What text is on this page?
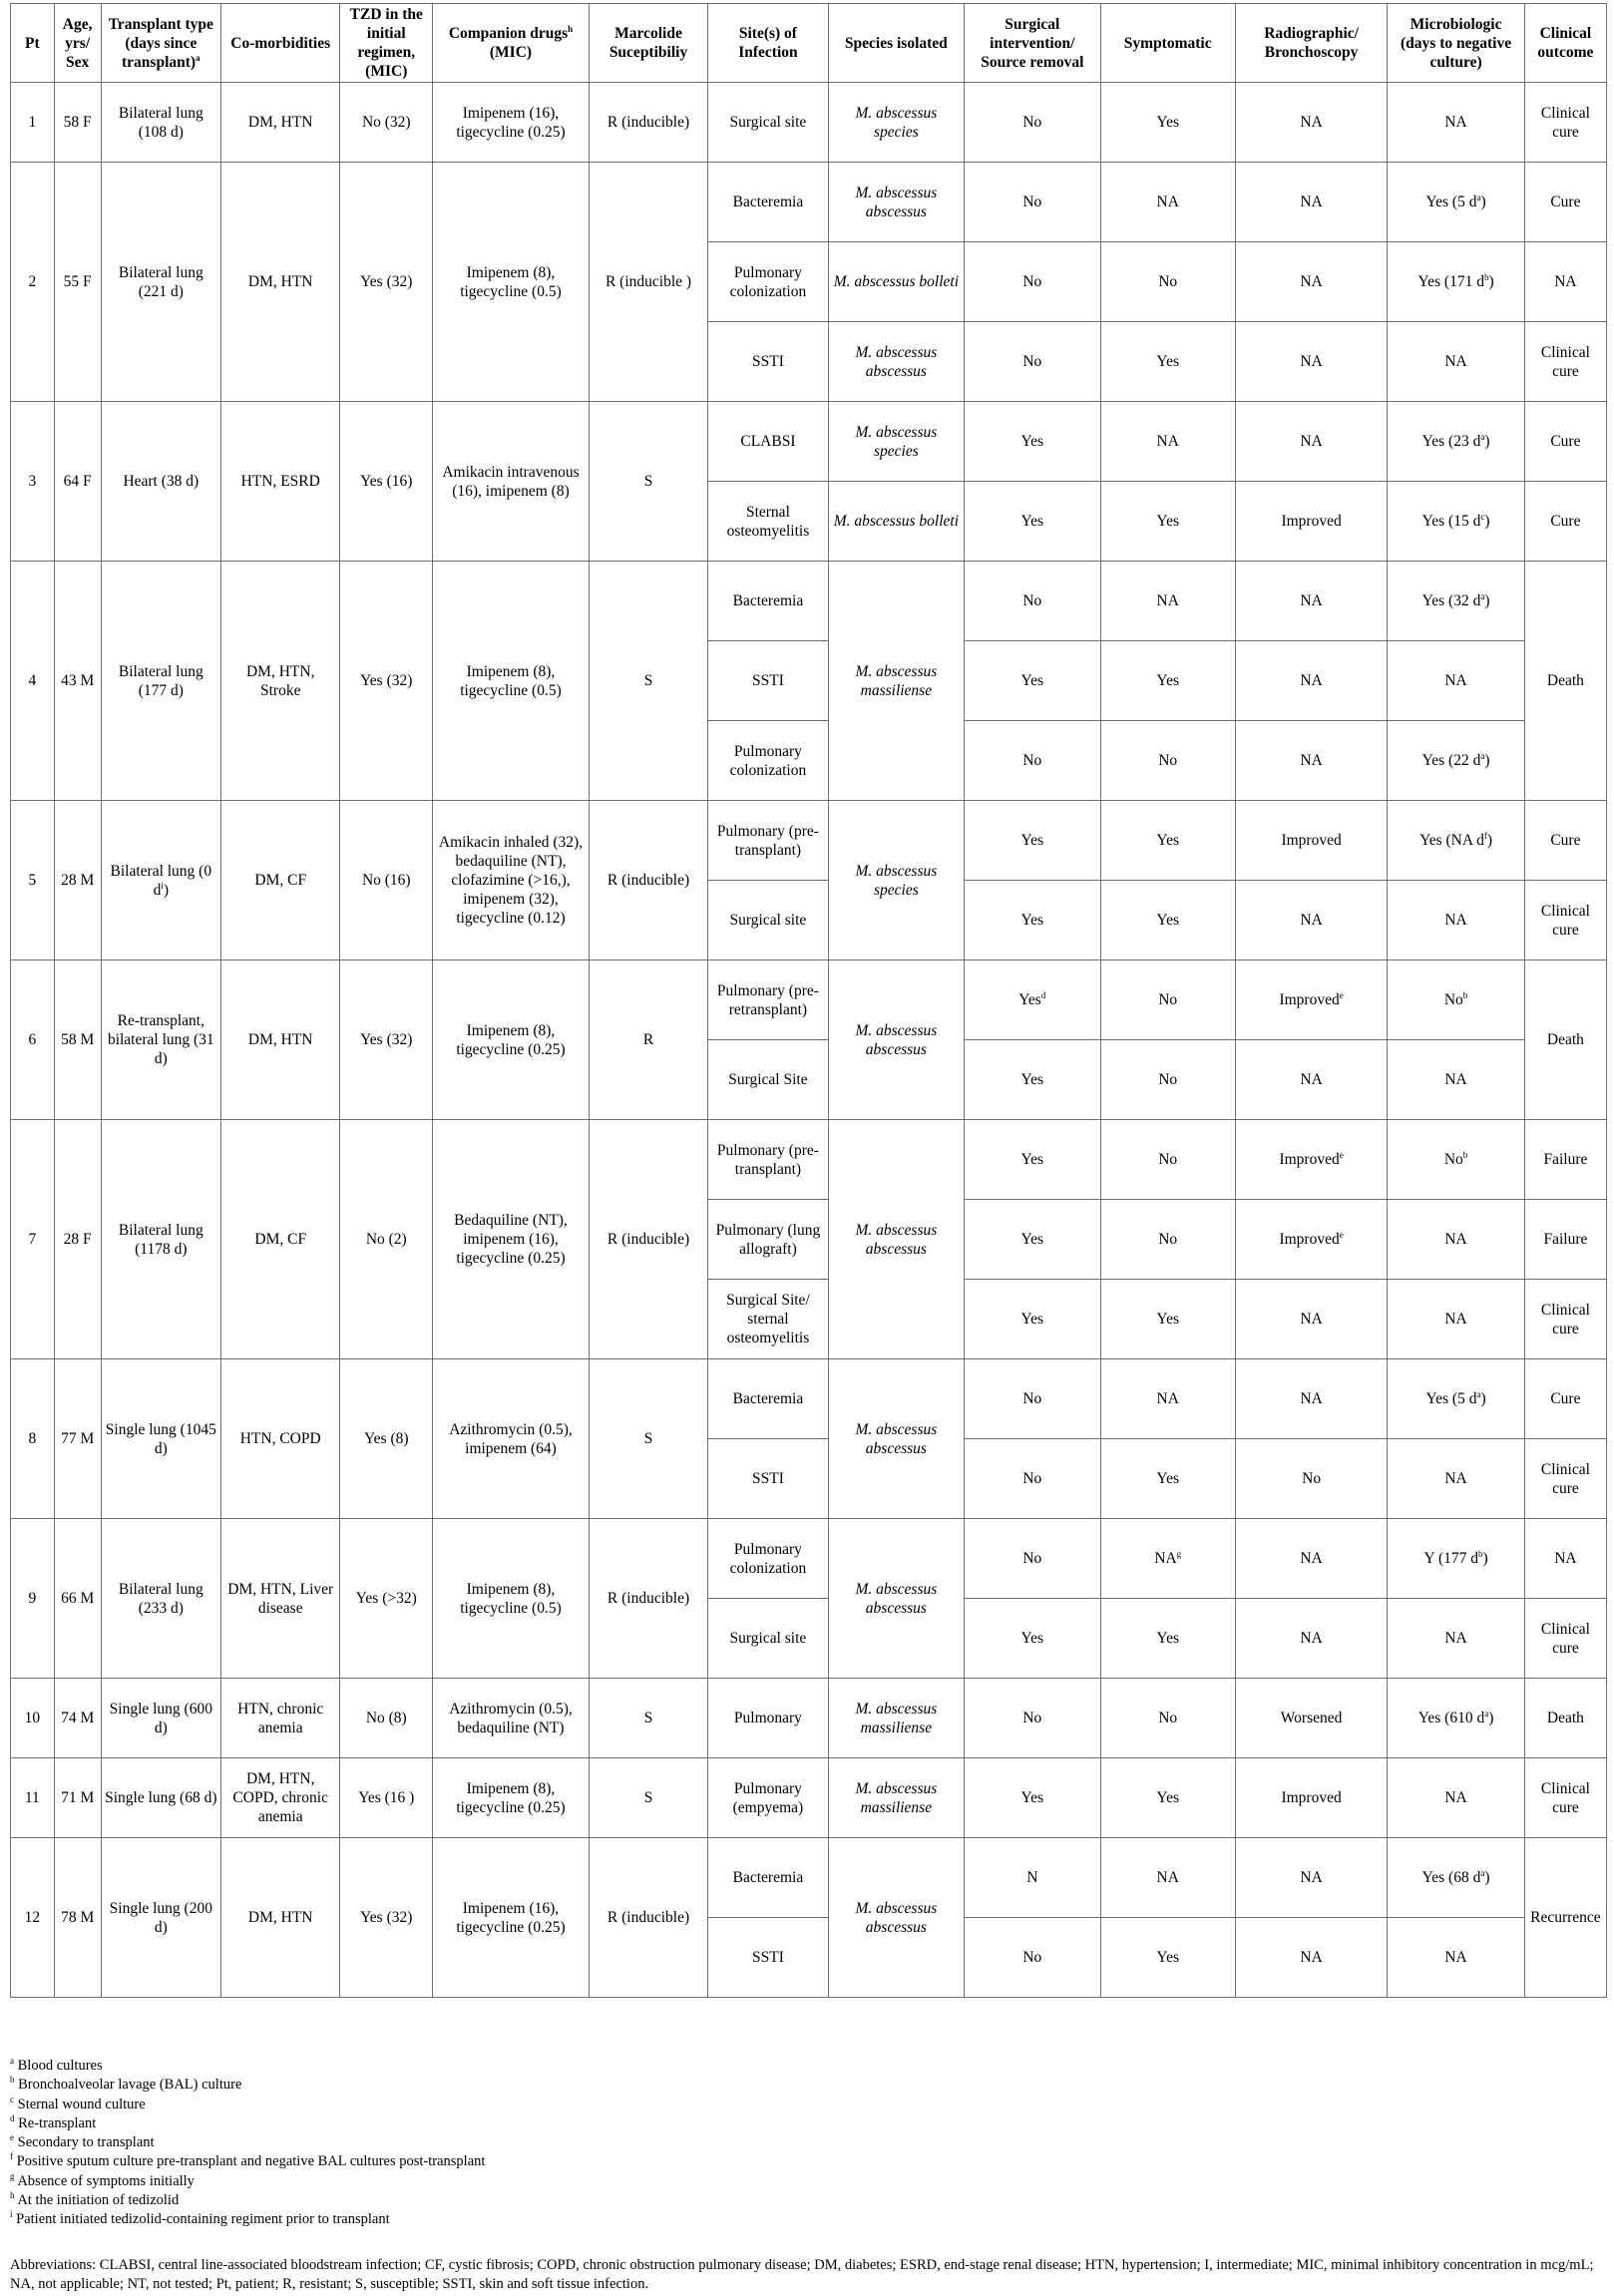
Pt	Age, yrs/ Sex	Transplant type (days since transplant)$^a$	Co-morbidities	TZD in the initial regimen, (MIC)	Companion drugs$^h$ (MIC)	Marcolide Suceptibiliy	Site(s) of Infection	Species isolated	Surgical intervention/ Source removal	Symptomatic	Radiographic/ Bronchoscopy	Microbiologic (days to negative culture)	Clinical outcome
1	58 F	Bilateral lung (108 d)	DM, HTN	No (32)	Imipenem (16), tigecycline (0.25)	R (inducible)	Surgical site	M. abscessus species	No	Yes	NA	NA	Clinical cure
2	55 F	Bilateral lung (221 d)	DM, HTN	Yes (32)	Imipenem (8), tigecycline (0.5)	R (inducible )	Bacteremia	M. abscessus abscessus	No	NA	NA	Yes (5 $d^a$)	Cure
							Pulmonary colonization	M. abscessus bolleti	No	No	NA	Yes (171 $d^b$)	NA
							SSTI	M. abscessus abscessus	No	Yes	NA	NA	Clinical cure
3	64 F	Heart (38 d)	HTN, ESRD	Yes (16)	Amikacin intravenous (16), imipenem (8)	S	CLABSI	M. abscessus species	Yes	NA	NA	Yes (23 $d^a$)	Cure
							Sternal osteomyelitis	M. abscessus bolleti	Yes	Yes	Improved	Yes (15 $d^c$)	Cure
4	43 M	Bilateral lung (177 d)	DM, HTN, Stroke	Yes (32)	Imipenem (8), tigecycline (0.5)	S	Bacteremia	M. abscessus massiliense	No	NA	NA	Yes (32 $d^a$)	Death
							SSTI		Yes	Yes	NA	NA	
							Pulmonary colonization		No	No	NA	Yes (22 $d^a$)	
5	28 M	Bilateral lung (0 $d^i$)	DM, CF	No (16)	Amikacin inhaled (32), bedaquiline (NT), clofazimine (>16,), imipenem (32), tigecycline (0.12)	R (inducible)	Pulmonary (pre-transplant)	M. abscessus species	Yes	Yes	Improved	Yes (NA $d^f$)	Cure
							Surgical site		Yes	Yes	NA	NA	Clinical cure
6	58 M	Re-transplant, bilateral lung (31 d)	DM, HTN	Yes (32)	Imipenem (8), tigecycline (0.25)	R	Pulmonary (pre-retransplant)	M. abscessus abscessus	Yes$^d$	No	Improved$^e$	No$^b$	Death
							Surgical Site		Yes	No	NA	NA	
7	28 F	Bilateral lung (1178 d)	DM, CF	No (2)	Bedaquiline (NT), imipenem (16), tigecycline (0.25)	R (inducible)	Pulmonary (pre-transplant)	M. abscessus abscessus	Yes	No	Improved$^e$	No$^b$	Failure
							Pulmonary (lung allograft)		Yes	No	Improved$^e$	NA	Failure
							Surgical Site/ sternal osteomyelitis		Yes	Yes	NA	NA	Clinical cure
8	77 M	Single lung (1045 d)	HTN, COPD	Yes (8)	Azithromycin (0.5), imipenem (64)	S	Bacteremia	M. abscessus abscessus	No	NA	NA	Yes (5 $d^a$)	Cure
							SSTI		No	Yes	No	NA	Clinical cure
9	66 M	Bilateral lung (233 d)	DM, HTN, Liver disease	Yes (>32)	Imipenem (8), tigecycline (0.5)	R (inducible)	Pulmonary colonization	M. abscessus abscessus	No	$NA^g$	NA	Y (177 $d^b$)	NA
							Surgical site		Yes	Yes	NA	NA	Clinical cure
10	74 M	Single lung (600 d)	HTN, chronic anemia	No (8)	Azithromycin (0.5), bedaquiline (NT)	S	Pulmonary	M. abscessus massiliense	No	No	Worsened	Yes (610 $d^a$)	Death
11	71 M	Single lung (68 d)	DM, HTN, COPD, chronic anemia	Yes (16 )	Imipenem (8), tigecycline (0.25)	S	Pulmonary (empyema)	M. abscessus massiliense	Yes	Yes	Improved	NA	Clinical cure
12	78 M	Single lung (200 d)	DM, HTN	Yes (32)	Imipenem (16), tigecycline (0.25)	R (inducible)	Bacteremia	M. abscessus abscessus	N	NA	NA	Yes (68 $d^a$)	Recurrence
							SSTI		No	Yes	NA	NA	
$^a$ Blood cultures
$^b$ Bronchoalveolar lavage (BAL) culture
$^c$ Sternal wound culture
$^d$ Re-transplant
$^e$ Secondary to transplant
$^f$ Positive sputum culture pre-transplant and negative BAL cultures post-transplant
$^g$ Absence of symptoms initially
$^h$ At the initiation of tedizolid
$^i$ Patient initiated tedizolid-containing regiment prior to transplant
Abbreviations: CLABSI, central line-associated bloodstream infection; CF, cystic fibrosis; COPD, chronic obstruction pulmonary disease; DM, diabetes; ESRD, end-stage renal disease; HTN, hypertension; I, intermediate; MIC, minimal inhibitory concentration in mcg/mL; NA, not applicable; NT, not tested; Pt, patient; R, resistant; S, susceptible; SSTI, skin and soft tissue infection.
